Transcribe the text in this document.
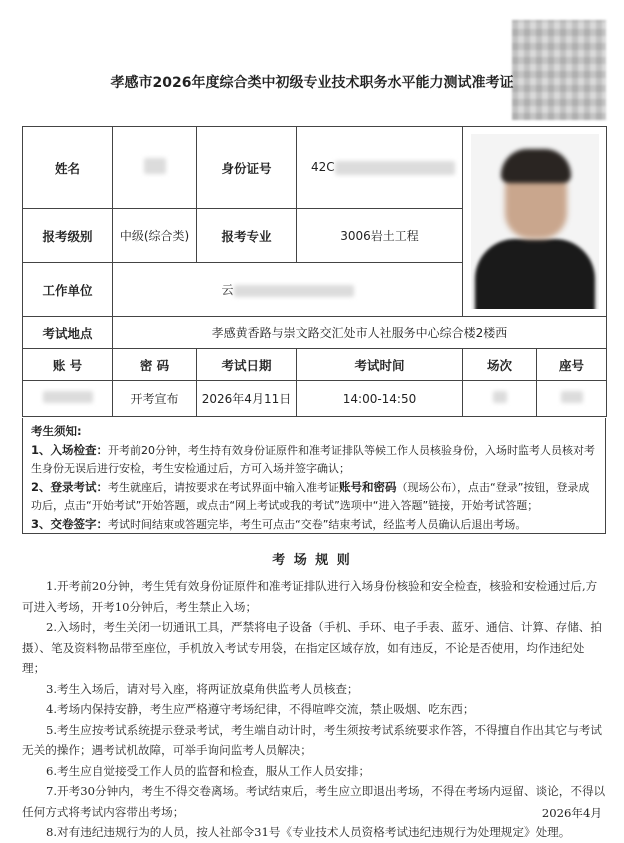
孝感市2026年度综合类中初级专业技术职务水平能力测试准考证
姓名		身份证号	42C		

报考级别	中级(综合类)	报考专业	3006岩土工程		
工作单位	云				
考试地点	孝感黄香路与崇文路交汇处市人社服务中心综合楼2楼西				
账 号	密 码	考试日期	考试时间	场次	座号
	开考宣布	2026年4月11日	14:00-14:50		
考生须知:
1、入场检查：开考前20分钟，考生持有效身份证原件和准考证排队等候工作人员核验身份，入场时监考人员核对考生身份无误后进行安检，考生安检通过后，方可入场并签字确认；
2、登录考试：考生就座后，请按要求在考试界面中输入准考证账号和密码（现场公布），点击“登录”按钮，登录成功后，点击“开始考试”开始答题，或点击“网上考试或我的考试”选项中“进入答题”链接，开始考试答题；
3、交卷签字：考试时间结束或答题完毕，考生可点击“交卷”结束考试，经监考人员确认后退出考场。
考 场 规 则

1.开考前20分钟，考生凭有效身份证原件和准考证排队进行入场身份核验和安全检查，核验和安检通过后,方可进入考场，开考10分钟后，考生禁止入场；

2.入场时，考生关闭一切通讯工具，严禁将电子设备（手机、手环、电子手表、蓝牙、通信、计算、存储、拍摄）、笔及资料物品带至座位，手机放入考试专用袋，在指定区域存放，如有违反，不论是否使用，均作违纪处理；

3.考生入场后，请对号入座，将两证放桌角供监考人员核查；

4.考场内保持安静，考生应严格遵守考场纪律，不得喧哗交流，禁止吸烟、吃东西；

5.考生应按考试系统提示登录考试，考生端自动计时，考生须按考试系统要求作答，不得擅自作出其它与考试无关的操作；遇考试机故障，可举手询问监考人员解决；

6.考生应自觉接受工作人员的监督和检查，服从工作人员安排；

7.开考30分钟内，考生不得交卷离场。考试结束后，考生应立即退出考场，不得在考场内逗留、谈论，不得以任何方式将考试内容带出考场；

8.对有违纪违规行为的人员，按人社部令31号《专业技术人员资格考试违纪违规行为处理规定》处理。

2026年4月
